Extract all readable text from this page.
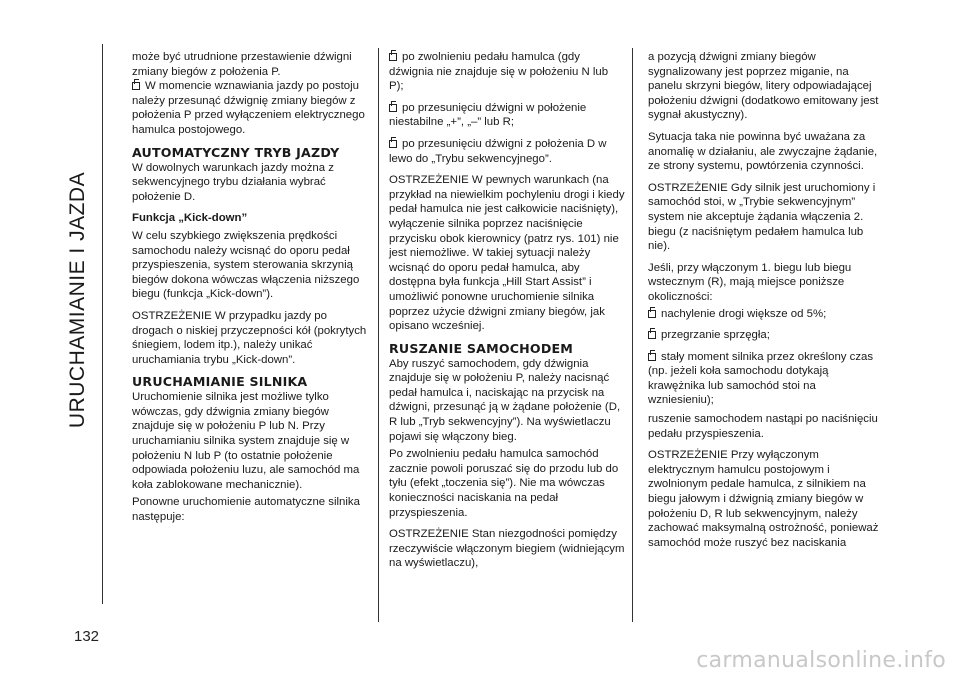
URUCHAMIANIE I JAZDA
132

może być utrudnione przestawienie dźwigni zmiany biegów z położenia P.

W momencie wznawiania jazdy po postoju należy przesunąć dźwignię zmiany biegów z położenia P przed wyłączeniem elektrycznego hamulca postojowego.

AUTOMATYCZNY TRYB JAZDY

W dowolnych warunkach jazdy można z sekwencyjnego trybu działania wybrać położenie D.

Funkcja „Kick-down”

W celu szybkiego zwiększenia prędkości samochodu należy wcisnąć do oporu pedał przyspieszenia, system sterowania skrzynią biegów dokona wówczas włączenia niższego biegu (funkcja „Kick-down”).

OSTRZEŻENIE W przypadku jazdy po drogach o niskiej przyczepności kół (pokrytych śniegiem, lodem itp.), należy unikać uruchamiania trybu „Kick-down”.

URUCHAMIANIE SILNIKA

Uruchomienie silnika jest możliwe tylko wówczas, gdy dźwignia zmiany biegów znajduje się w położeniu P lub N. Przy uruchamianiu silnika system znajduje się w położeniu N lub P (to ostatnie położenie odpowiada położeniu luzu, ale samochód ma koła zablokowane mechanicznie).

Ponowne uruchomienie automatyczne silnika następuje:

po zwolnieniu pedału hamulca (gdy dźwignia nie znajduje się w położeniu N lub P);

po przesunięciu dźwigni w położenie niestabilne „+”, „–” lub R;

po przesunięciu dźwigni z położenia D w lewo do „Trybu sekwencyjnego”.

OSTRZEŻENIE W pewnych warunkach (na przykład na niewielkim pochyleniu drogi i kiedy pedał hamulca nie jest całkowicie naciśnięty), wyłączenie silnika poprzez naciśnięcie przycisku obok kierownicy (patrz rys. 101) nie jest niemożliwe. W takiej sytuacji należy wcisnąć do oporu pedał hamulca, aby dostępna była funkcja „Hill Start Assist” i umożliwić ponowne uruchomienie silnika poprzez użycie dźwigni zmiany biegów, jak opisano wcześniej.

RUSZANIE SAMOCHODEM

Aby ruszyć samochodem, gdy dźwignia znajduje się w położeniu P, należy nacisnąć pedał hamulca i, naciskając na przycisk na dźwigni, przesunąć ją w żądane położenie (D, R lub „Tryb sekwencyjny”). Na wyświetlaczu pojawi się włączony bieg.

Po zwolnieniu pedału hamulca samochód zacznie powoli poruszać się do przodu lub do tyłu (efekt „toczenia się”). Nie ma wówczas konieczności naciskania na pedał przyspieszenia.

OSTRZEŻENIE Stan niezgodności pomiędzy rzeczywiście włączonym biegiem (widniejącym na wyświetlaczu),

a pozycją dźwigni zmiany biegów sygnalizowany jest poprzez miganie, na panelu skrzyni biegów, litery odpowiadającej położeniu dźwigni (dodatkowo emitowany jest sygnał akustyczny).

Sytuacja taka nie powinna być uważana za anomalię w działaniu, ale zwyczajne żądanie, ze strony systemu, powtórzenia czynności.

OSTRZEŻENIE Gdy silnik jest uruchomiony i samochód stoi, w „Trybie sekwencyjnym” system nie akceptuje żądania włączenia 2. biegu (z naciśniętym pedałem hamulca lub nie).

Jeśli, przy włączonym 1. biegu lub biegu wstecznym (R), mają miejsce poniższe okoliczności:

nachylenie drogi większe od 5%;

przegrzanie sprzęgła;

stały moment silnika przez określony czas (np. jeżeli koła samochodu dotykają krawężnika lub samochód stoi na wzniesieniu);

ruszenie samochodem nastąpi po naciśnięciu pedału przyspieszenia.

OSTRZEŻENIE Przy wyłączonym elektrycznym hamulcu postojowym i zwolnionym pedale hamulca, z silnikiem na biegu jałowym i dźwignią zmiany biegów w położeniu D, R lub sekwencyjnym, należy zachować maksymalną ostrożność, ponieważ samochód może ruszyć bez naciskania

carmanualsonline.info
